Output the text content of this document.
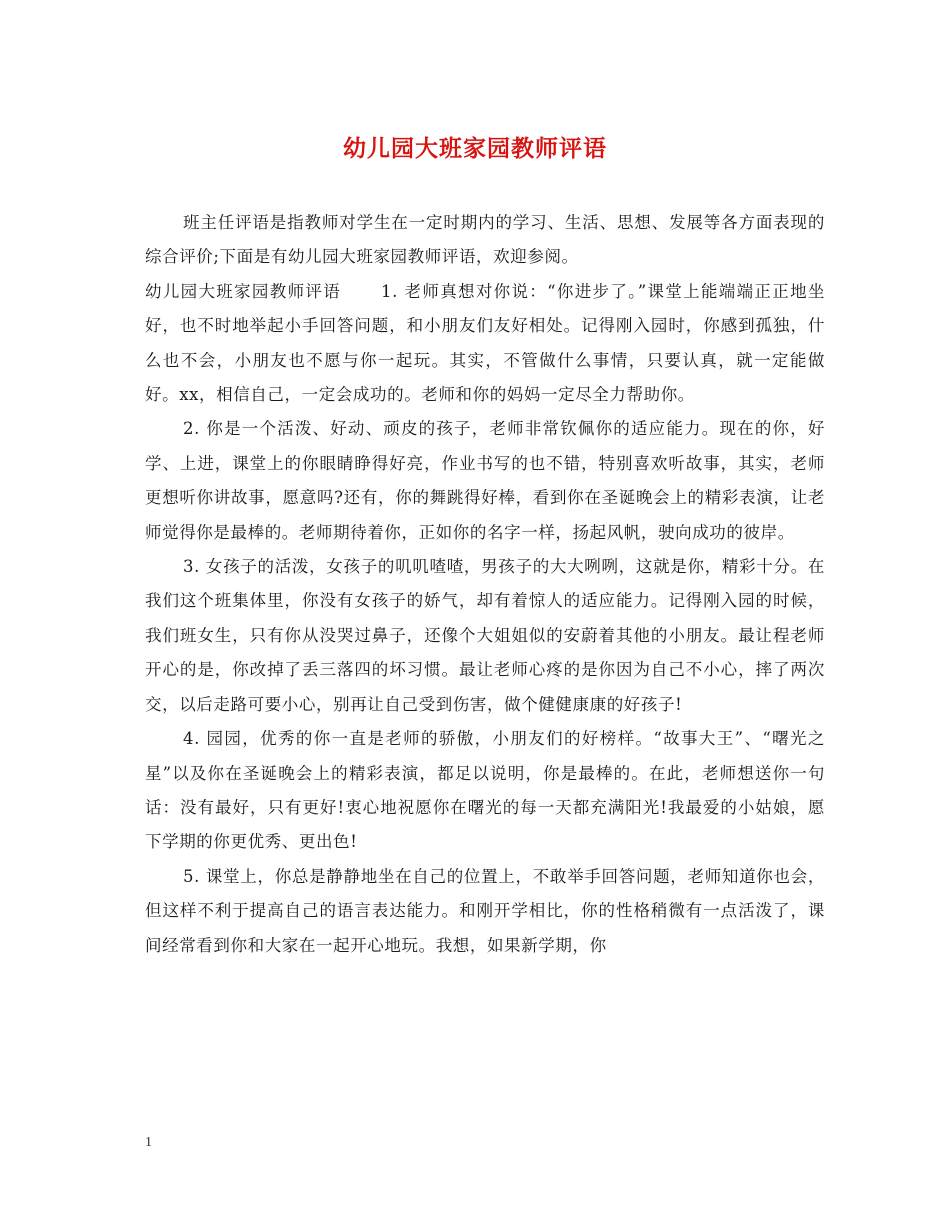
幼儿园大班家园教师评语

班主任评语是指教师对学生在一定时期内的学习、生活、思想、发展等各方面表现的综合评价;下面是有幼儿园大班家园教师评语，欢迎参阅。

幼儿园大班家园教师评语 1. 老师真想对你说：“你进步了。”课堂上能端端正正地坐好，也不时地举起小手回答问题，和小朋友们友好相处。记得刚入园时，你感到孤独，什么也不会，小朋友也不愿与你一起玩。其实，不管做什么事情，只要认真，就一定能做好。xx，相信自己，一定会成功的。老师和你的妈妈一定尽全力帮助你。

2. 你是一个活泼、好动、顽皮的孩子，老师非常钦佩你的适应能力。现在的你，好学、上进，课堂上的你眼睛睁得好亮，作业书写的也不错，特别喜欢听故事，其实，老师更想听你讲故事，愿意吗?还有，你的舞跳得好棒，看到你在圣诞晚会上的精彩表演，让老师觉得你是最棒的。老师期待着你，正如你的名字一样，扬起风帆，驶向成功的彼岸。

3. 女孩子的活泼，女孩子的叽叽喳喳，男孩子的大大咧咧，这就是你，精彩十分。在我们这个班集体里，你没有女孩子的娇气，却有着惊人的适应能力。记得刚入园的时候，我们班女生，只有你从没哭过鼻子，还像个大姐姐似的安蔚着其他的小朋友。最让程老师开心的是，你改掉了丢三落四的坏习惯。最让老师心疼的是你因为自己不小心，摔了两次交，以后走路可要小心，别再让自己受到伤害，做个健健康康的好孩子!

4. 园园，优秀的你一直是老师的骄傲，小朋友们的好榜样。“故事大王”、“曙光之星”以及你在圣诞晚会上的精彩表演，都足以说明，你是最棒的。在此，老师想送你一句话：没有最好，只有更好!衷心地祝愿你在曙光的每一天都充满阳光!我最爱的小姑娘，愿下学期的你更优秀、更出色!

5. 课堂上，你总是静静地坐在自己的位置上，不敢举手回答问题，老师知道你也会，但这样不利于提高自己的语言表达能力。和刚开学相比，你的性格稍微有一点活泼了，课间经常看到你和大家在一起开心地玩。我想，如果新学期，你

1
